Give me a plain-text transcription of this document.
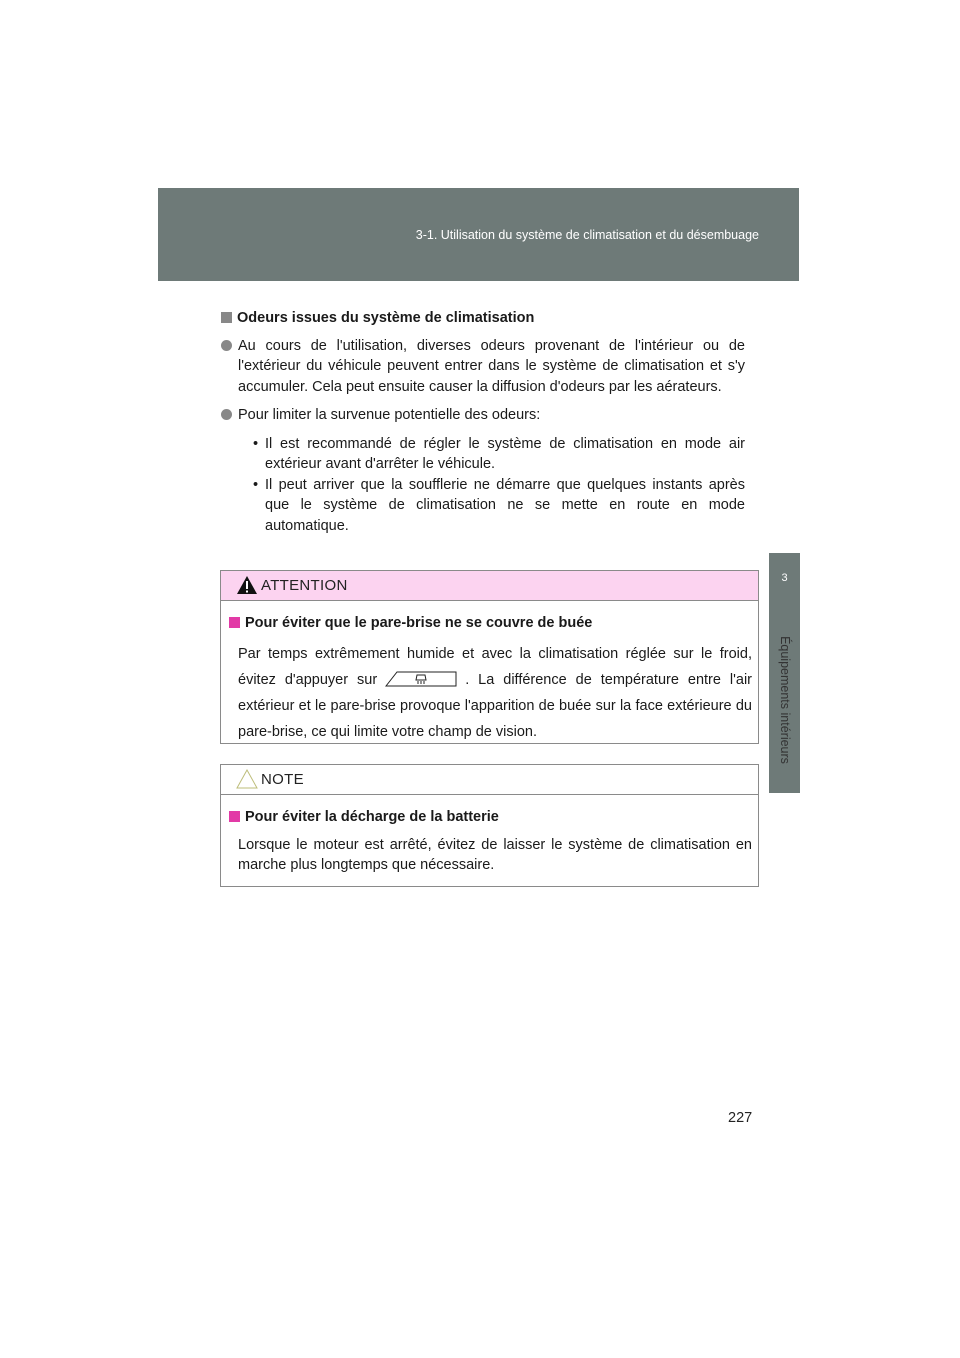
3-1. Utilisation du système de climatisation et du désembuage
3
Équipements intérieurs

Odeurs issues du système de climatisation

Au cours de l'utilisation, diverses odeurs provenant de l'intérieur ou de l'extérieur du véhicule peuvent entrer dans le système de climatisation et s'y accumuler. Cela peut ensuite causer la diffusion d'odeurs par les aérateurs.

Pour limiter la survenue potentielle des odeurs:

• Il est recommandé de régler le système de climatisation en mode air extérieur avant d'arrêter le véhicule.

• Il peut arriver que la soufflerie ne démarre que quelques instants après que le système de climatisation ne se mette en route en mode automatique.

ATTENTION

Pour éviter que le pare-brise ne se couvre de buée

Par temps extrêmement humide et avec la climatisation réglée sur le froid, évitez d'appuyer sur	. La différence de température entre l'air extérieur et le pare-brise provoque l'apparition de buée sur la face extérieure du pare-brise, ce qui limite votre champ de vision.

NOTE

Pour éviter la décharge de la batterie

Lorsque le moteur est arrêté, évitez de laisser le système de climatisation en marche plus longtemps que nécessaire.

227
